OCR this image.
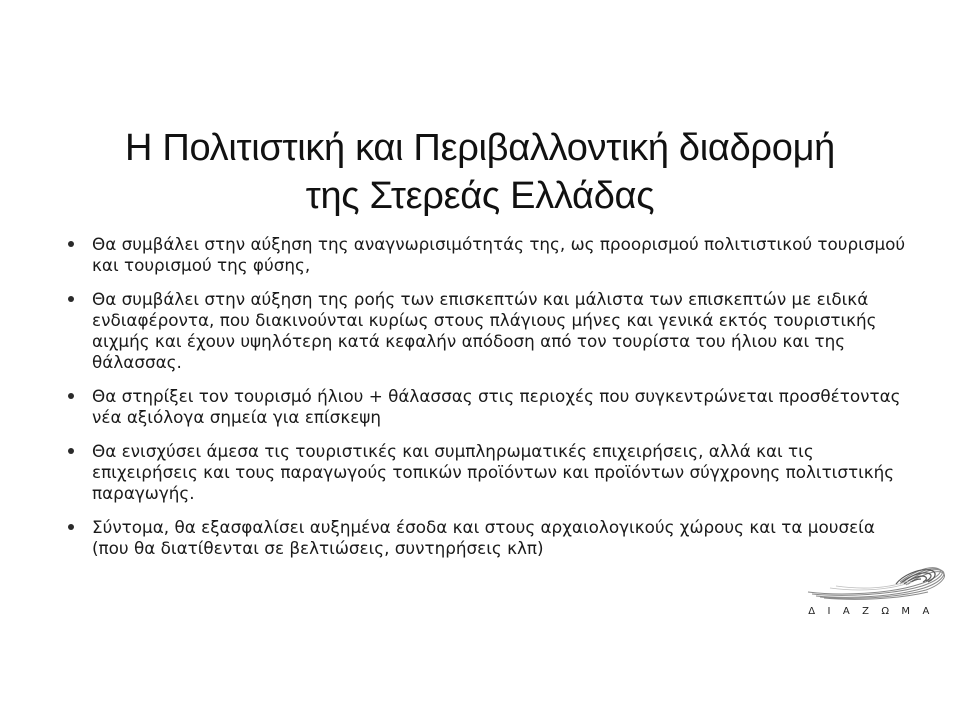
Η Πολιτιστική και Περιβαλλοντική διαδρομή
της Στερεάς Ελλάδας
Θα συμβάλει στην αύξηση της αναγνωρισιμότητάς της, ως προορισμού πολιτιστικού τουρισμού και τουρισμού της φύσης,
Θα συμβάλει στην αύξηση της ροής των επισκεπτών και μάλιστα των επισκεπτών με ειδικά ενδιαφέροντα, που διακινούνται κυρίως στους πλάγιους μήνες και γενικά εκτός τουριστικής αιχμής και έχουν υψηλότερη κατά κεφαλήν απόδοση από τον τουρίστα του ήλιου και της θάλασσας.
Θα στηρίξει τον τουρισμό ήλιου + θάλασσας στις περιοχές που συγκεντρώνεται προσθέτοντας νέα αξιόλογα σημεία για επίσκεψη
Θα ενισχύσει άμεσα τις τουριστικές και συμπληρωματικές επιχειρήσεις, αλλά και τις επιχειρήσεις και τους παραγωγούς τοπικών προϊόντων και προϊόντων σύγχρονης πολιτιστικής παραγωγής.
Σύντομα, θα εξασφαλίσει αυξημένα έσοδα και στους αρχαιολογικούς χώρους και τα μουσεία (που θα διατίθενται σε βελτιώσεις, συντηρήσεις κλπ)
ΔΙΑΖΩΜΑ
